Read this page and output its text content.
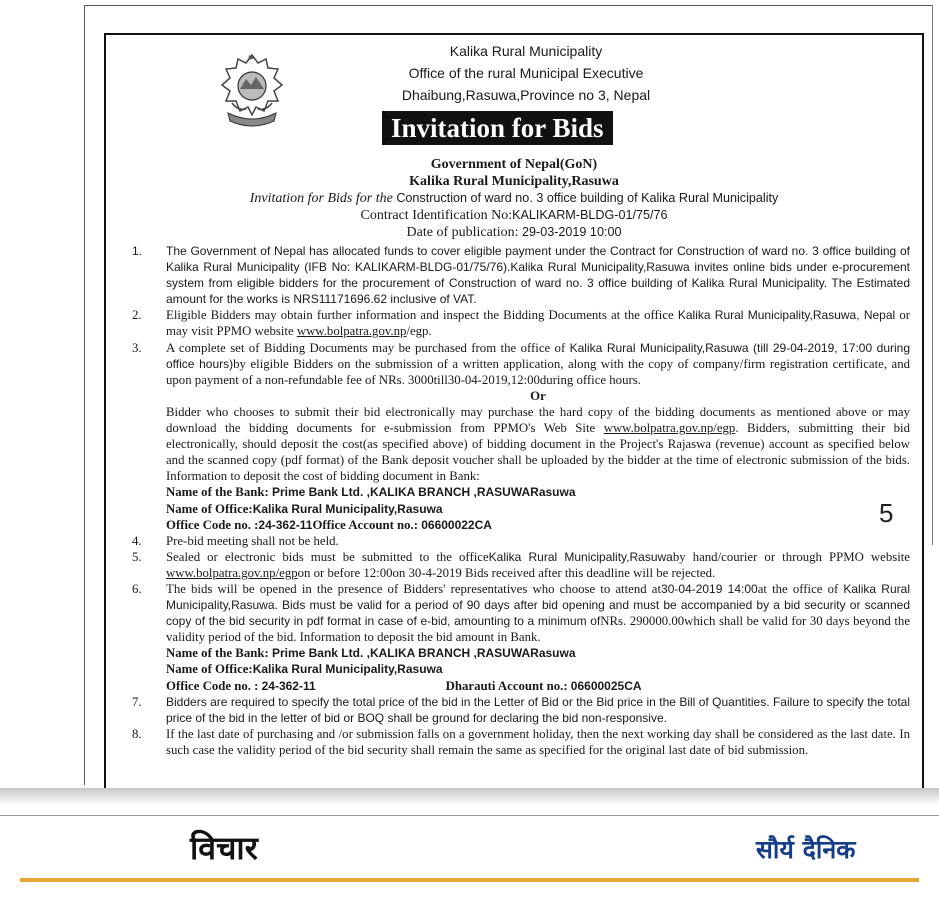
Kalika Rural Municipality
Office of the rural Municipal Executive
Dhaibung,Rasuwa,Province no 3, Nepal
Invitation for Bids
Government of Nepal(GoN)
Kalika Rural Municipality,Rasuwa
Invitation for Bids for the Construction of ward no. 3 office building of Kalika Rural Municipality
Contract Identification No:KALIKARM-BLDG-01/75/76
Date of publication: 29-03-2019 10:00

1. The Government of Nepal has allocated funds to cover eligible payment under the Contract for Construction of ward no. 3 office building of Kalika Rural Municipality (IFB No: KALIKARM-BLDG-01/75/76).Kalika Rural Municipality,Rasuwa invites online bids under e-procurement system from eligible bidders for the procurement of Construction of ward no. 3 office building of Kalika Rural Municipality. The Estimated amount for the works is NRS11171696.62 inclusive of VAT.

2. Eligible Bidders may obtain further information and inspect the Bidding Documents at the office Kalika Rural Municipality,Rasuwa, Nepal or may visit PPMO website www.bolpatra.gov.np/egp.

3. A complete set of Bidding Documents may be purchased from the office of Kalika Rural Municipality,Rasuwa (till 29-04-2019, 17:00 during office hours)by eligible Bidders on the submission of a written application, along with the copy of company/firm registration certificate, and upon payment of a non-refundable fee of NRs. 3000till30-04-2019,12:00during office hours.
Or

Bidder who chooses to submit their bid electronically may purchase the hard copy of the bidding documents as mentioned above or may download the bidding documents for e-submission from PPMO's Web Site www.bolpatra.gov.np/egp. Bidders, submitting their bid electronically, should deposit the cost(as specified above) of bidding document in the Project's Rajaswa (revenue) account as specified below and the scanned copy (pdf format) of the Bank deposit voucher shall be uploaded by the bidder at the time of electronic submission of the bids. Information to deposit the cost of bidding document in Bank:

Name of the Bank: Prime Bank Ltd. ,KALIKA BRANCH ,RASUWARasuwa
Name of Office:Kalika Rural Municipality,Rasuwa
Office Code no. :24-362-11Office Account no.: 06600022CA

4. Pre-bid meeting shall not be held.

5. Sealed or electronic bids must be submitted to the officeKalika Rural Municipality,Rasuwaby hand/courier or through PPMO website www.bolpatra.gov.np/egpon or before 12:00on 30-4-2019 Bids received after this deadline will be rejected.

6. The bids will be opened in the presence of Bidders' representatives who choose to attend at30-04-2019 14:00at the office of Kalika Rural Municipality,Rasuwa. Bids must be valid for a period of 90 days after bid opening and must be accompanied by a bid security or scanned copy of the bid security in pdf format in case of e-bid, amounting to a minimum ofNRs. 290000.00which shall be valid for 30 days beyond the validity period of the bid. Information to deposit the bid amount in Bank.

Name of the Bank: Prime Bank Ltd. ,KALIKA BRANCH ,RASUWARasuwa
Name of Office:Kalika Rural Municipality,Rasuwa
Office Code no. : 24-362-11	Dharauti Account no.: 06600025CA

7. Bidders are required to specify the total price of the bid in the Letter of Bid or the Bid price in the Bill of Quantities. Failure to specify the total price of the bid in the letter of bid or BOQ shall be ground for declaring the bid non-responsive.

8. If the last date of purchasing and /or submission falls on a government holiday, then the next working day shall be considered as the last date. In such case the validity period of the bid security shall remain the same as specified for the original last date of bid submission.

5
विचार	सौर्य दैनिक
